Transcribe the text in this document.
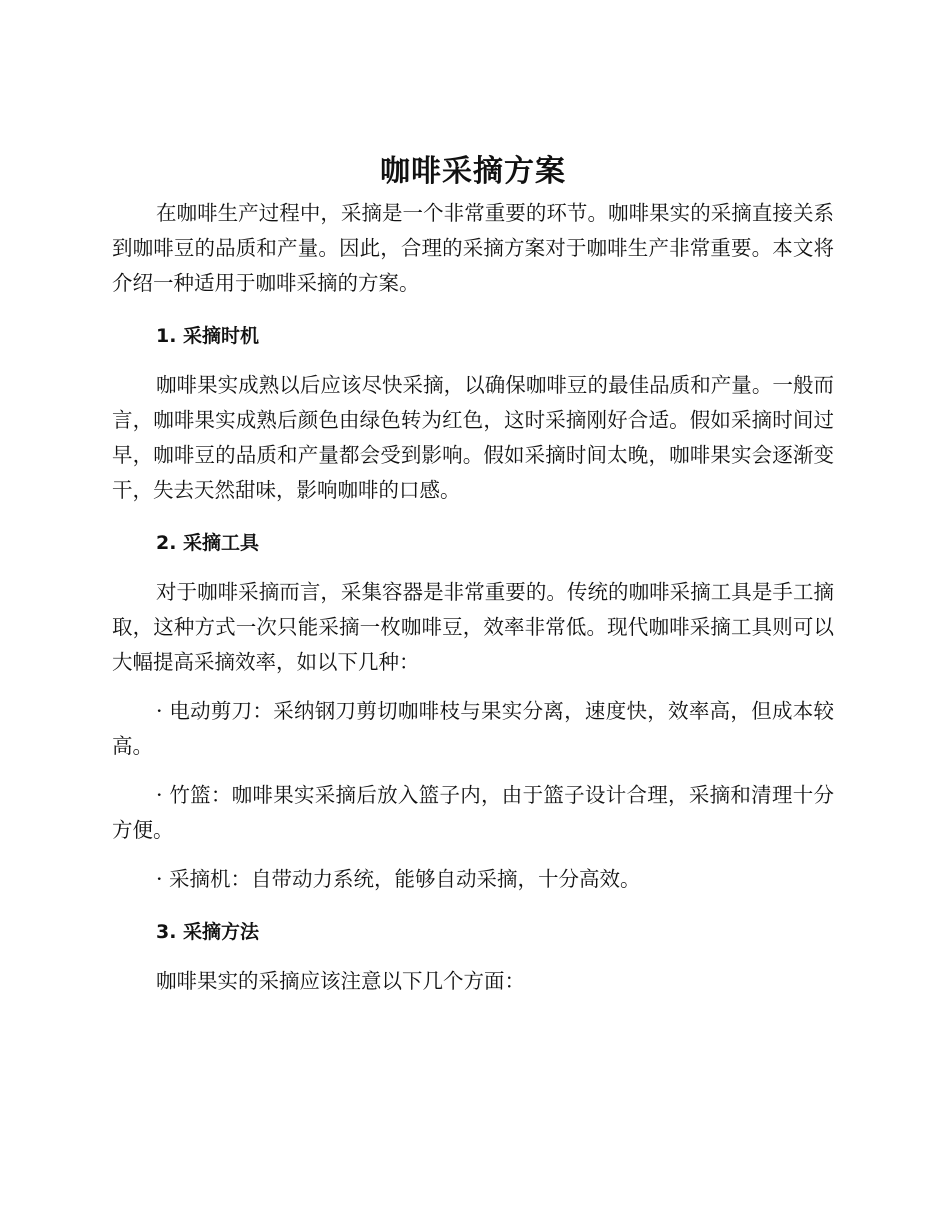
咖啡采摘方案

在咖啡生产过程中，采摘是一个非常重要的环节。咖啡果实的采摘直接关系到咖啡豆的品质和产量。因此，合理的采摘方案对于咖啡生产非常重要。本文将介绍一种适用于咖啡采摘的方案。

1. 采摘时机

咖啡果实成熟以后应该尽快采摘，以确保咖啡豆的最佳品质和产量。一般而言，咖啡果实成熟后颜色由绿色转为红色，这时采摘刚好合适。假如采摘时间过早，咖啡豆的品质和产量都会受到影响。假如采摘时间太晚，咖啡果实会逐渐变干，失去天然甜味，影响咖啡的口感。

2. 采摘工具

对于咖啡采摘而言，采集容器是非常重要的。传统的咖啡采摘工具是手工摘取，这种方式一次只能采摘一枚咖啡豆，效率非常低。现代咖啡采摘工具则可以大幅提高采摘效率，如以下几种：

· 电动剪刀：采纳钢刀剪切咖啡枝与果实分离，速度快，效率高，但成本较高。

· 竹篮：咖啡果实采摘后放入篮子内，由于篮子设计合理，采摘和清理十分方便。

· 采摘机：自带动力系统，能够自动采摘，十分高效。

3. 采摘方法

咖啡果实的采摘应该注意以下几个方面：
